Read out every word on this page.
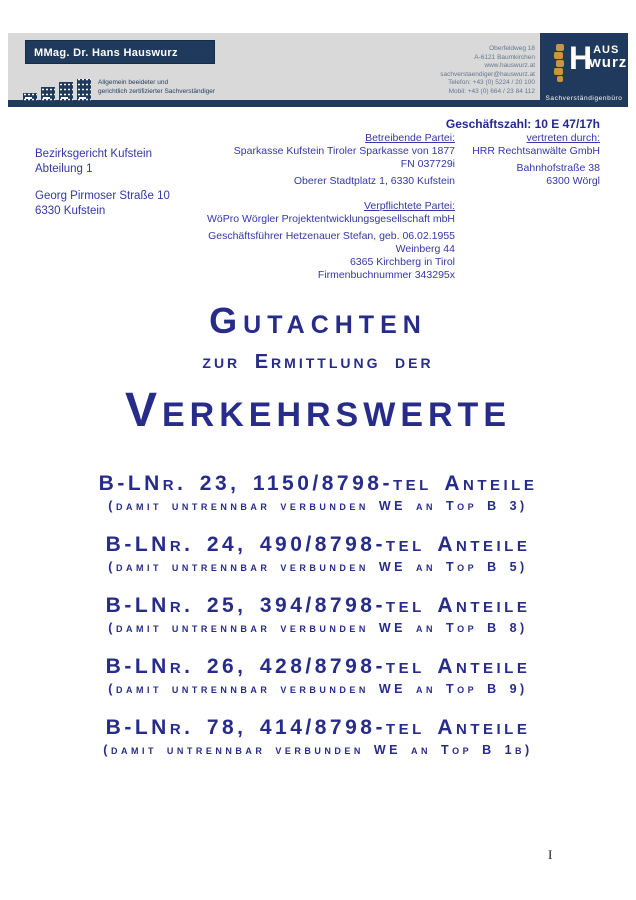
MMag. Dr. Hans Hauswurz
Allgemein beeideter und
gerichtlich zertifizierter Sachverständiger
Oberfeldweg 18
A-6121 Baumkirchen
www.hauswurz.at
sachverstaendiger@hauswurz.at
Telefon: +43 (0) 5224 / 20 100
Mobil: +43 (0) 664 / 23 84 112
H AUS
wurz
Sachverständigenbüro
Geschäftszahl: 10 E 47/17h
Bezirksgericht Kufstein
Abteilung 1
Georg Pirmoser Straße 10
6330 Kufstein
Betreibende Partei:
Sparkasse Kufstein Tiroler Sparkasse von 1877
FN 037729i
Oberer Stadtplatz 1, 6330 Kufstein
Verpflichtete Partei:
WöPro Wörgler Projektentwicklungsgesellschaft mbH
Geschäftsführer Hetzenauer Stefan, geb. 06.02.1955
Weinberg 44
6365 Kirchberg in Tirol
Firmenbuchnummer 343295x
vertreten durch:
HRR Rechtsanwälte GmbH
Bahnhofstraße 38
6300 Wörgl
Gutachten
zur Ermittlung der
Verkehrswerte
B-LNr. 23, 1150/8798-tel Anteile
(damit untrennbar verbunden WE an Top B 3)
B-LNr. 24, 490/8798-tel Anteile
(damit untrennbar verbunden WE an Top B 5)
B-LNr. 25, 394/8798-tel Anteile
(damit untrennbar verbunden WE an Top B 8)
B-LNr. 26, 428/8798-tel Anteile
(damit untrennbar verbunden WE an Top B 9)
B-LNr. 78, 414/8798-tel Anteile
(damit untrennbar verbunden WE an Top B 1b)
I
